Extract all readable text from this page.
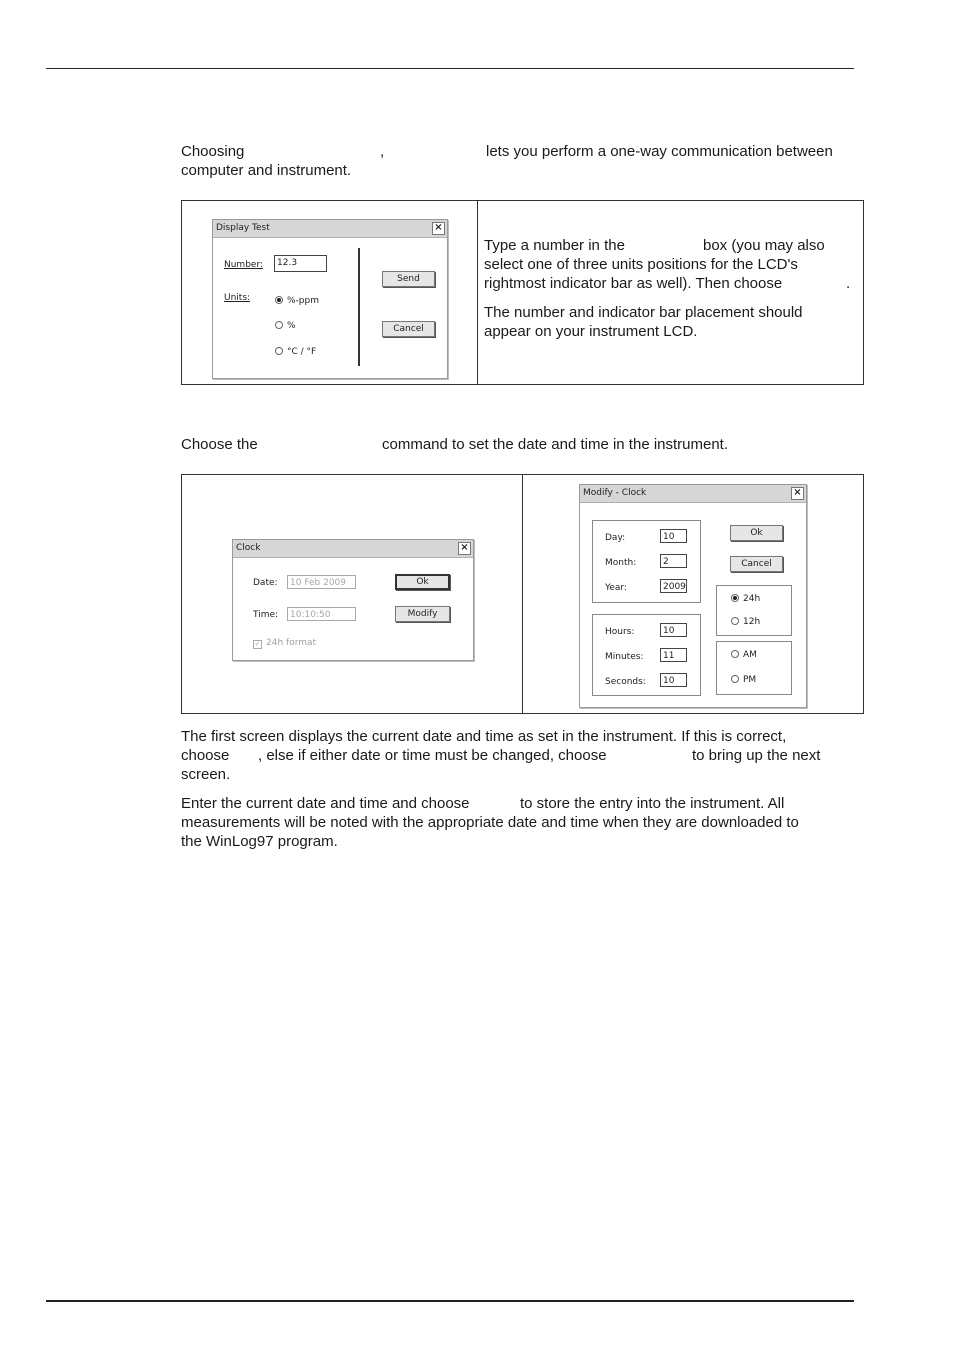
Choosing	,	lets you perform a one-way communication between
computer and instrument.
Display Test	×
Number:	12.3
Units:	%-ppm
%
°C / °F
Send
Cancel
Type a number in the	box (you may also
select one of three units positions for the LCD's
rightmost indicator bar as well). Then choose	.
The number and indicator bar placement should
appear on your instrument LCD.
Choose the	command to set the date and time in the instrument.
Clock	×
Date:	10 Feb 2009
Time:	10:10:50
Ok
Modify
✓ 24h format
Modify - Clock	×
Day:	10
Month:	2
Year:	2009
Hours:	10
Minutes:	11
Seconds:	10
Ok
Cancel
24h
12h
AM
PM
The first screen displays the current date and time as set in the instrument. If this is correct,
choose , else if either date or time must be changed, choose	to bring up the next
screen.
Enter the current date and time and choose	to store the entry into the instrument. All
measurements will be noted with the appropriate date and time when they are downloaded to
the WinLog97 program.
